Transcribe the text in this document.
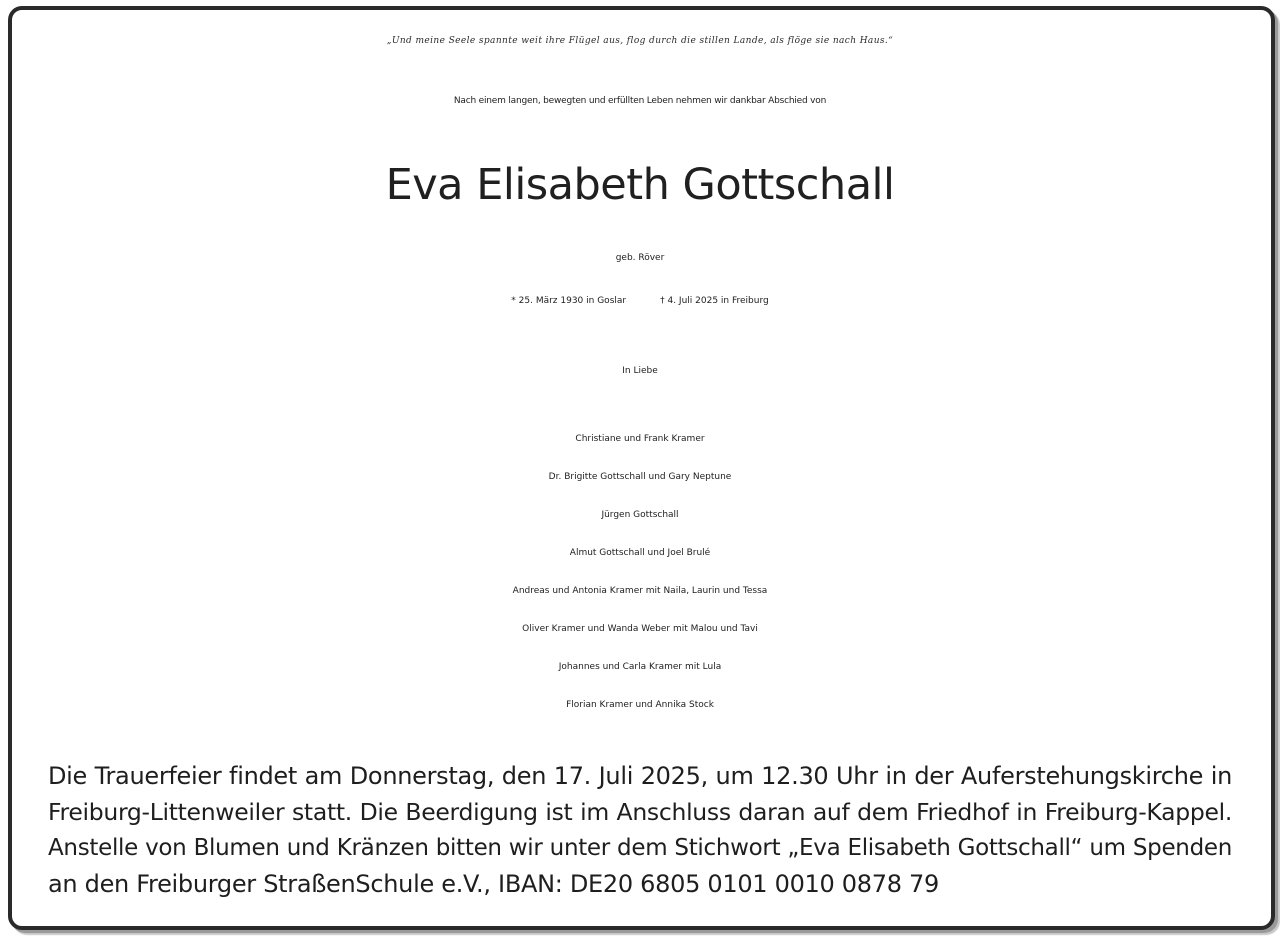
„Und meine Seele spannte weit ihre Flügel aus, flog durch die stillen Lande, als flöge sie nach Haus.“
Nach einem langen, bewegten und erfüllten Leben nehmen wir dankbar Abschied von
Eva Elisabeth Gottschall
geb. Röver
* 25. März 1930 in Goslar	† 4. Juli 2025 in Freiburg
In Liebe
Christiane und Frank Kramer
Dr. Brigitte Gottschall und Gary Neptune
Jürgen Gottschall
Almut Gottschall und Joel Brulé
Andreas und Antonia Kramer mit Naila, Laurin und Tessa
Oliver Kramer und Wanda Weber mit Malou und Tavi
Johannes und Carla Kramer mit Lula
Florian Kramer und Annika Stock
Die Trauerfeier findet am Donnerstag, den 17. Juli 2025, um 12.30 Uhr in der Auferstehungskirche in
Freiburg-Littenweiler statt. Die Beerdigung ist im Anschluss daran auf dem Friedhof in Freiburg-Kappel.
Anstelle von Blumen und Kränzen bitten wir unter dem Stichwort „Eva Elisabeth Gottschall“ um Spenden
an den Freiburger StraßenSchule e.V., IBAN: DE20 6805 0101 0010 0878 79
